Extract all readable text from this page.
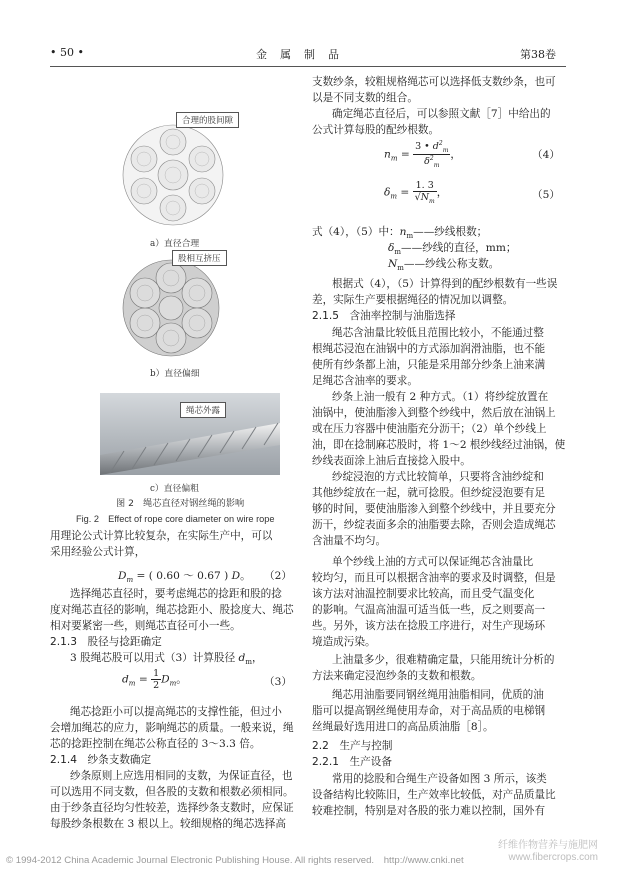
• 50 •	金　属　制　品	第38卷
合理的股间隙
a）直径合理
股相互挤压
b）直径偏细
绳芯外露
c）直径偏粗
图 2　绳芯直径对钢丝绳的影响
Fig. 2　Effect of rope core diameter on wire rope
用理论公式计算比较复杂，在实际生产中，可以
采用经验公式计算，
$D_m$ = ( 0.60 ～ 0.67 ) D。 （2）
选择绳芯直径时，要考虑绳芯的捻距和股的捻
度对绳芯直径的影响，绳芯捻距小、股捻度大、绳芯
相对要紧密一些，则绳芯直径可小一些。
2.1.3　股径与捻距确定
3 股绳芯股可以用式（3）计算股径 $d_m$，
$d_m = \frac{1}{2} D_m$。	（3）
绳芯捻距小可以提高绳芯的支撑性能，但过小
会增加绳芯的应力，影响绳芯的质量。一般来说，绳
芯的捻距控制在绳芯公称直径的 3～3.3 倍。
2.1.4　纱条支数确定
纱条原则上应选用相同的支数，为保证直径，也
可以选用不同支数，但各股的支数和根数必须相同。
由于纱条直径均匀性较差，选择纱条支数时，应保证
每股纱条根数在 3 根以上。较细规格的绳芯选择高
支数纱条，较粗规格绳芯可以选择低支数纱条，也可
以是不同支数的组合。
确定绳芯直径后，可以参照文献［7］中给出的
公式计算每股的配纱根数。
$n_m = \frac{3 • d^2_m}{\delta^2_m}$ ，	（4）
$\delta_m = \frac{1. 3}{√N_m}$ ，	（5）
式（4），（5）中：$n_m——$纱线根数；
$\delta_m——$纱线的直径，mm；
$N_m——$纱线公称支数。
根据式（4），（5）计算得到的配纱根数有一些误
差，实际生产要根据绳径的情况加以调整。
2.1.5　含油率控制与油脂选择
绳芯含油量比较低且范围比较小，不能通过整
根绳芯浸泡在油锅中的方式添加润滑油脂，也不能
使所有纱条都上油，只能是采用部分纱条上油来满
足绳芯含油率的要求。
纱条上油一般有 2 种方式。（1）将纱绽放置在
油锅中，使油脂渗入到整个纱线中，然后放在油锅上
或在压力容器中使油脂充分沥干；（2）单个纱线上
油，即在捻制麻芯股时，将 1～2 根纱线经过油锅，使
纱线表面涂上油后直接捻入股中。
纱绽浸泡的方式比较简单，只要将含油纱绽和
其他纱绽放在一起，就可捻股。但纱绽浸泡要有足
够的时间，要使油脂渗入到整个纱线中，并且要充分
沥干，纱绽表面多余的油脂要去除，否则会造成绳芯
含油量不均匀。
单个纱线上油的方式可以保证绳芯含油量比
较均匀，而且可以根据含油率的要求及时调整，但是
该方法对油温控制要求比较高，而且受气温变化
的影响。气温高油温可适当低一些，反之则要高一
些。另外，该方法在捻股工序进行，对生产现场环
境造成污染。
上油量多少，很难精确定量，只能用统计分析的
方法来确定浸泡纱条的支数和根数。
绳芯用油脂要同钢丝绳用油脂相同，优质的油
脂可以提高钢丝绳使用寿命，对于高品质的电梯钢
丝绳最好选用进口的高品质油脂［8］。
2.2　生产与控制
2.2.1　生产设备
常用的捻股和合绳生产设备如图 3 所示，该类
设备结构比较陈旧，生产效率比较低，对产品质量比
较难控制，特别是对各股的张力难以控制，国外有
© 1994-2012 China Academic Journal Electronic Publishing House. All rights reserved.　http://www.cnki.net
纤维作物营养与施肥网
www.fibercrops.com
